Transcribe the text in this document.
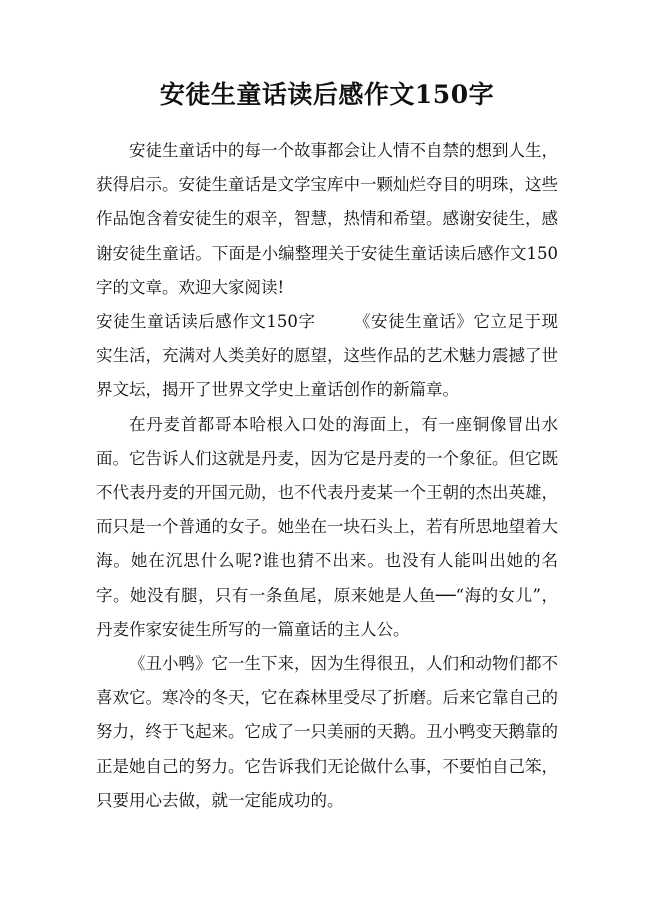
安徒生童话读后感作文150字

安徒生童话中的每一个故事都会让人情不自禁的想到人生，获得启示。安徒生童话是文学宝库中一颗灿烂夺目的明珠，这些作品饱含着安徒生的艰辛，智慧，热情和希望。感谢安徒生，感谢安徒生童话。下面是小编整理关于安徒生童话读后感作文150字的文章。欢迎大家阅读!

安徒生童话读后感作文150字 《安徒生童话》它立足于现实生活，充满对人类美好的愿望，这些作品的艺术魅力震撼了世界文坛，揭开了世界文学史上童话创作的新篇章。

在丹麦首都哥本哈根入口处的海面上，有一座铜像冒出水面。它告诉人们这就是丹麦，因为它是丹麦的一个象征。但它既不代表丹麦的开国元勋，也不代表丹麦某一个王朝的杰出英雄，而只是一个普通的女子。她坐在一块石头上，若有所思地望着大海。她在沉思什么呢?谁也猜不出来。也没有人能叫出她的名字。她没有腿，只有一条鱼尾，原来她是人鱼──“海的女儿”，丹麦作家安徒生所写的一篇童话的主人公。

《丑小鸭》它一生下来，因为生得很丑，人们和动物们都不喜欢它。寒冷的冬天，它在森林里受尽了折磨。后来它靠自己的努力，终于飞起来。它成了一只美丽的天鹅。丑小鸭变天鹅靠的正是她自己的努力。它告诉我们无论做什么事，不要怕自己笨，只要用心去做，就一定能成功的。
